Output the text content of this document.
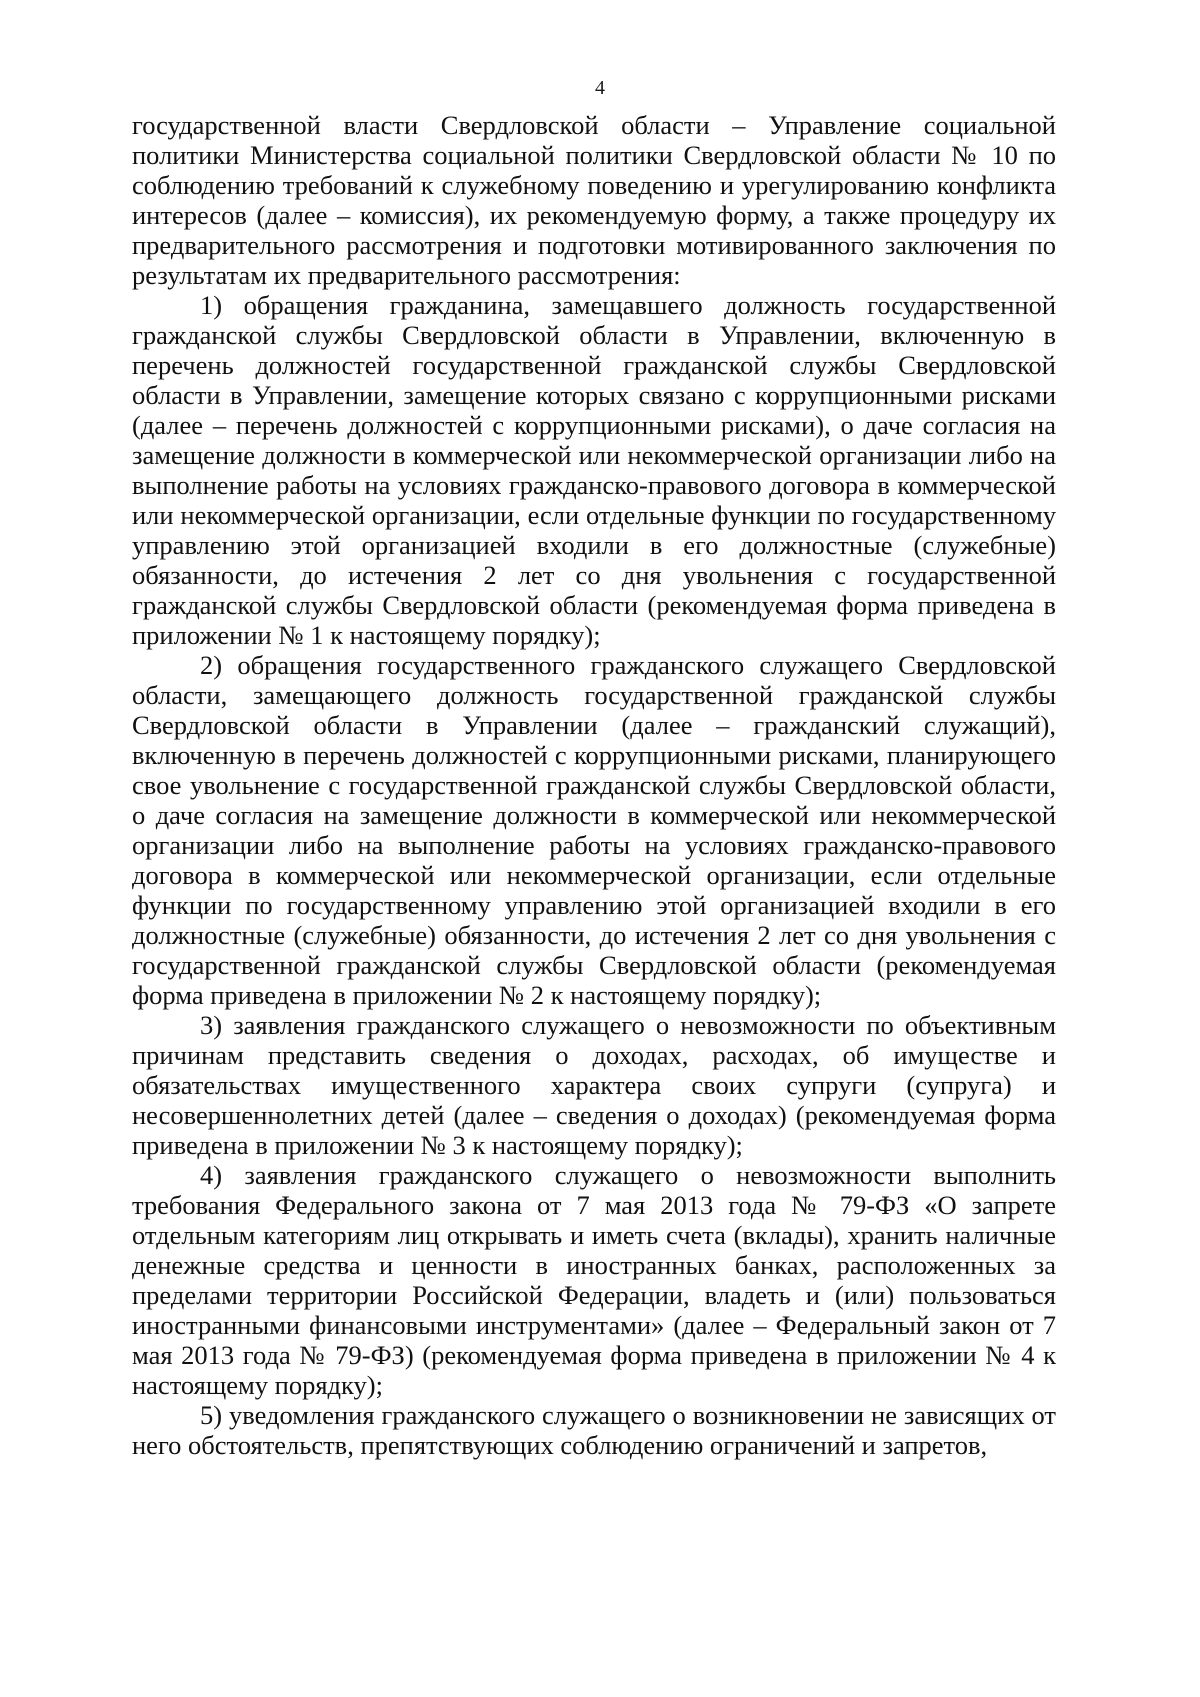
4

государственной власти Свердловской области – Управление социальной политики Министерства социальной политики Свердловской области № 10 по соблюдению требований к служебному поведению и урегулированию конфликта интересов (далее – комиссия), их рекомендуемую форму, а также процедуру их предварительного рассмотрения и подготовки мотивированного заключения по результатам их предварительного рассмотрения:

1) обращения гражданина, замещавшего должность государственной гражданской службы Свердловской области в Управлении, включенную в перечень должностей государственной гражданской службы Свердловской области в Управлении, замещение которых связано с коррупционными рисками (далее – перечень должностей с коррупционными рисками), о даче согласия на замещение должности в коммерческой или некоммерческой организации либо на выполнение работы на условиях гражданско-правового договора в коммерческой или некоммерческой организации, если отдельные функции по государственному управлению этой организацией входили в его должностные (служебные) обязанности, до истечения 2 лет со дня увольнения с государственной гражданской службы Свердловской области (рекомендуемая форма приведена в приложении № 1 к настоящему порядку);

2) обращения государственного гражданского служащего Свердловской области, замещающего должность государственной гражданской службы Свердловской области в Управлении (далее – гражданский служащий), включенную в перечень должностей с коррупционными рисками, планирующего свое увольнение с государственной гражданской службы Свердловской области, о даче согласия на замещение должности в коммерческой или некоммерческой организации либо на выполнение работы на условиях гражданско-правового договора в коммерческой или некоммерческой организации, если отдельные функции по государственному управлению этой организацией входили в его должностные (служебные) обязанности, до истечения 2 лет со дня увольнения с государственной гражданской службы Свердловской области (рекомендуемая форма приведена в приложении № 2 к настоящему порядку);

3) заявления гражданского служащего о невозможности по объективным причинам представить сведения о доходах, расходах, об имуществе и обязательствах имущественного характера своих супруги (супруга) и несовершеннолетних детей (далее – сведения о доходах) (рекомендуемая форма приведена в приложении № 3 к настоящему порядку);

4) заявления гражданского служащего о невозможности выполнить требования Федерального закона от 7 мая 2013 года № 79-ФЗ «О запрете отдельным категориям лиц открывать и иметь счета (вклады), хранить наличные денежные средства и ценности в иностранных банках, расположенных за пределами территории Российской Федерации, владеть и (или) пользоваться иностранными финансовыми инструментами» (далее – Федеральный закон от 7 мая 2013 года № 79-ФЗ) (рекомендуемая форма приведена в приложении № 4 к настоящему порядку);

5) уведомления гражданского служащего о возникновении не зависящих от него обстоятельств, препятствующих соблюдению ограничений и запретов,
